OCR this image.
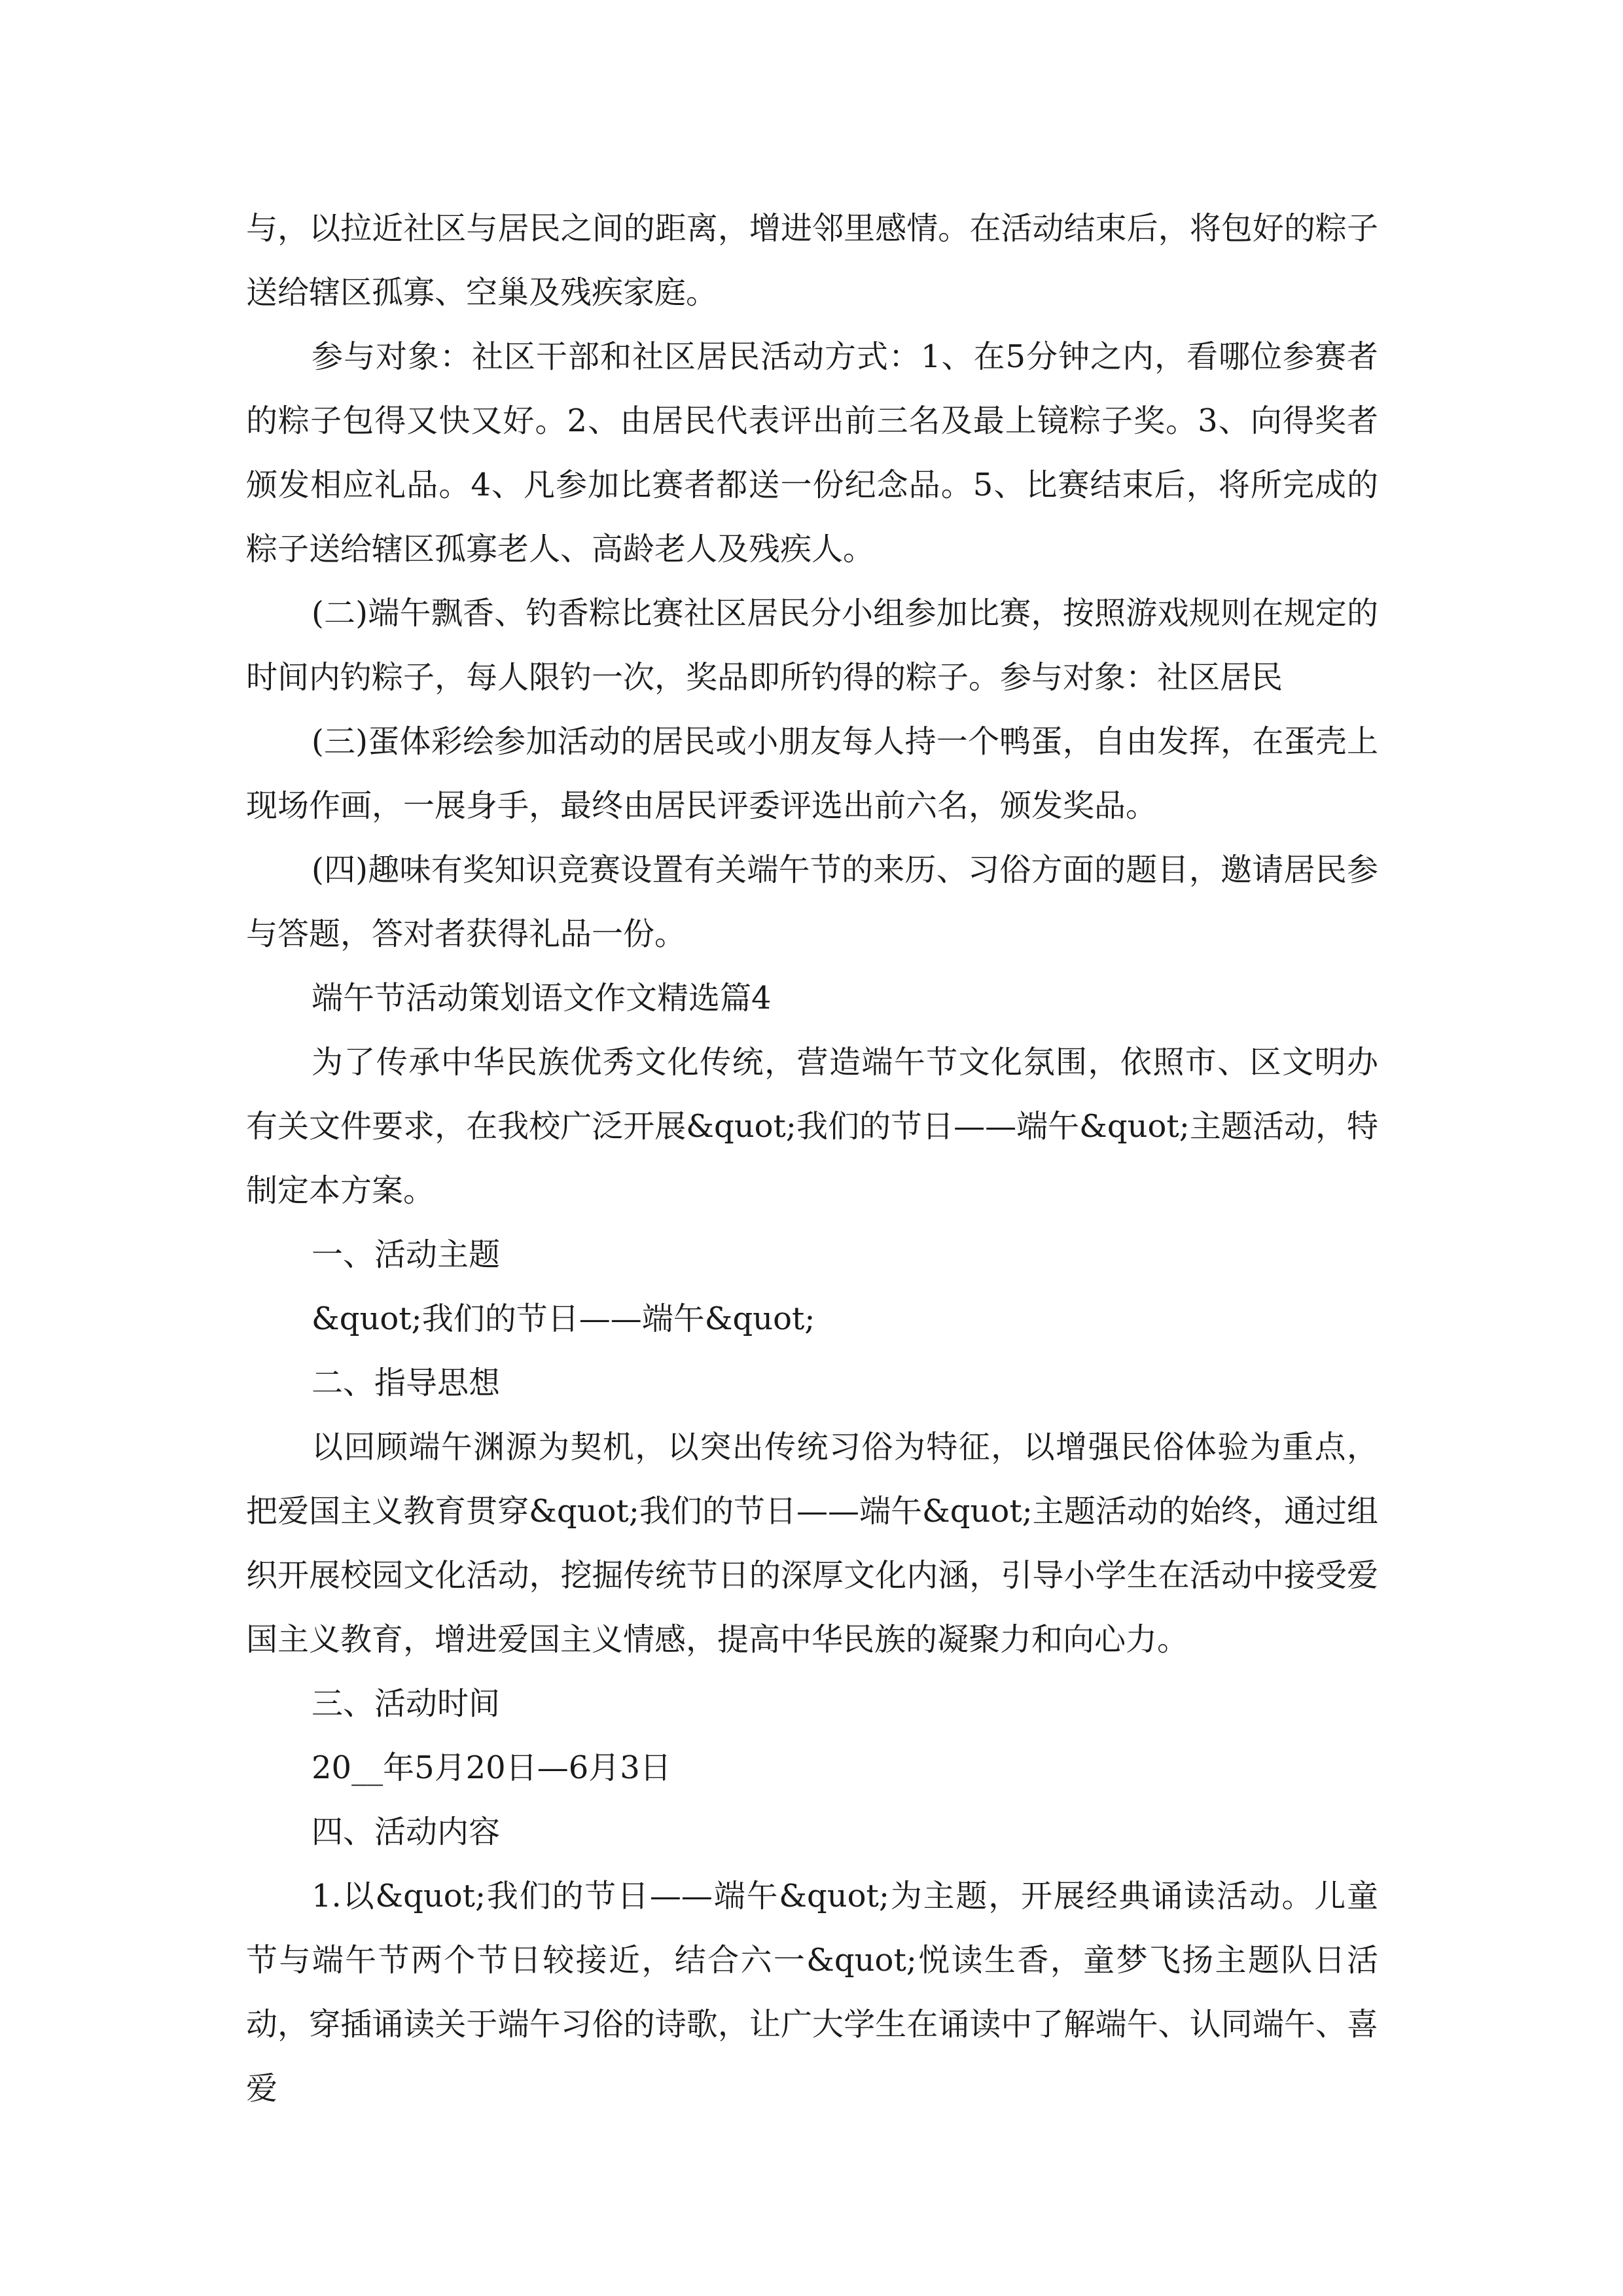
与，以拉近社区与居民之间的距离，增进邻里感情。在活动结束后，将包好的粽子送给辖区孤寡、空巢及残疾家庭。

参与对象：社区干部和社区居民活动方式：1、在5分钟之内，看哪位参赛者的粽子包得又快又好。2、由居民代表评出前三名及最上镜粽子奖。3、向得奖者颁发相应礼品。4、凡参加比赛者都送一份纪念品。5、比赛结束后，将所完成的粽子送给辖区孤寡老人、高龄老人及残疾人。

(二)端午飘香、钓香粽比赛社区居民分小组参加比赛，按照游戏规则在规定的时间内钓粽子，每人限钓一次，奖品即所钓得的粽子。参与对象：社区居民

(三)蛋体彩绘参加活动的居民或小朋友每人持一个鸭蛋，自由发挥，在蛋壳上现场作画，一展身手，最终由居民评委评选出前六名，颁发奖品。

(四)趣味有奖知识竞赛设置有关端午节的来历、习俗方面的题目，邀请居民参与答题，答对者获得礼品一份。

端午节活动策划语文作文精选篇4

为了传承中华民族优秀文化传统，营造端午节文化氛围，依照市、区文明办有关文件要求，在我校广泛开展&quot;我们的节日——端午&quot;主题活动，特制定本方案。

一、活动主题

&quot;我们的节日——端午&quot;

二、指导思想

以回顾端午渊源为契机，以突出传统习俗为特征，以增强民俗体验为重点，把爱国主义教育贯穿&quot;我们的节日——端午&quot;主题活动的始终，通过组织开展校园文化活动，挖掘传统节日的深厚文化内涵，引导小学生在活动中接受爱国主义教育，增进爱国主义情感，提高中华民族的凝聚力和向心力。

三、活动时间

20__年5月20日—6月3日

四、活动内容

1.以&quot;我们的节日——端午&quot;为主题，开展经典诵读活动。儿童节与端午节两个节日较接近，结合六一&quot;悦读生香，童梦飞扬主题队日活动，穿插诵读关于端午习俗的诗歌，让广大学生在诵读中了解端午、认同端午、喜爱
